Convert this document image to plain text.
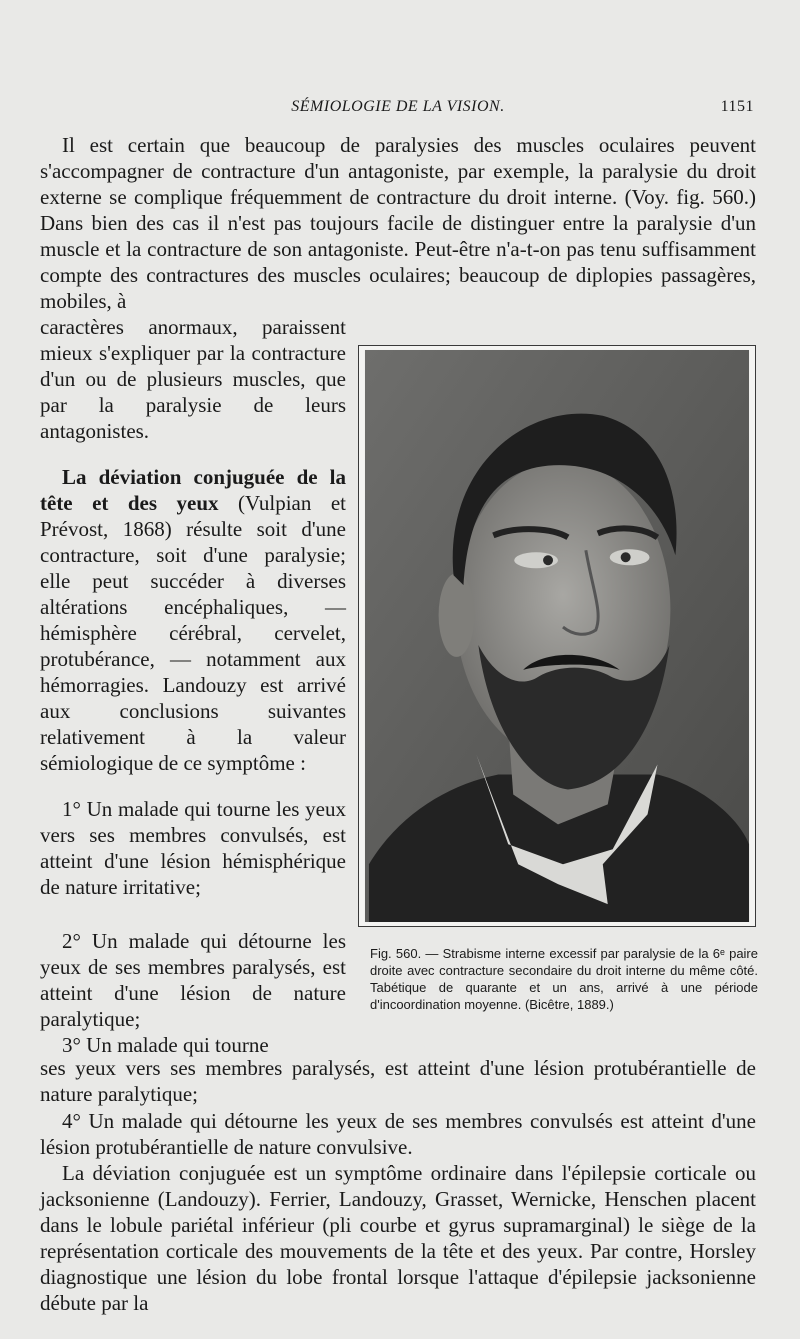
SÉMIOLOGIE DE LA VISION.	1151
Il est certain que beaucoup de paralysies des muscles oculaires peuvent s'accompagner de contracture d'un antagoniste, par exemple, la paralysie du droit externe se complique fréquemment de contracture du droit interne. (Voy. fig. 560.) Dans bien des cas il n'est pas toujours facile de distinguer entre la paralysie d'un muscle et la contracture de son antagoniste. Peut-être n'a-t-on pas tenu suffisamment compte des contractures des muscles oculaires; beaucoup de diplopies passagères, mobiles, à
caractères anormaux, paraissent mieux s'expliquer par la contracture d'un ou de plusieurs muscles, que par la paralysie de leurs antagonistes.
La déviation conjuguée de la tête et des yeux (Vulpian et Prévost, 1868) résulte soit d'une contracture, soit d'une paralysie; elle peut succéder à diverses altérations encéphaliques, — hémisphère cérébral, cervelet, protubérance, — notamment aux hémorragies. Landouzy est arrivé aux conclusions suivantes relativement à la valeur sémiologique de ce symptôme :
1° Un malade qui tourne les yeux vers ses membres convulsés, est atteint d'une lésion hémisphérique de nature irritative;
2° Un malade qui détourne les yeux de ses membres paralysés, est atteint d'une lésion de nature paralytique;
3° Un malade qui tourne
ses yeux vers ses membres paralysés, est atteint d'une lésion protubérantielle de nature paralytique;
4° Un malade qui détourne les yeux de ses membres convulsés est atteint d'une lésion protubérantielle de nature convulsive.
La déviation conjuguée est un symptôme ordinaire dans l'épilepsie corticale ou jacksonienne (Landouzy). Ferrier, Landouzy, Grasset, Wernicke, Henschen placent dans le lobule pariétal inférieur (pli courbe et gyrus supramarginal) le siège de la représentation corticale des mouvements de la tête et des yeux. Par contre, Horsley diagnostique une lésion du lobe frontal lorsque l'attaque d'épilepsie jacksonienne débute par la
Fig. 560. — Strabisme interne excessif par paralysie de la 6ᵉ paire droite avec contracture secondaire du droit interne du même côté. Tabétique de quarante et un ans, arrivé à une période d'incoordination moyenne. (Bicêtre, 1889.)
